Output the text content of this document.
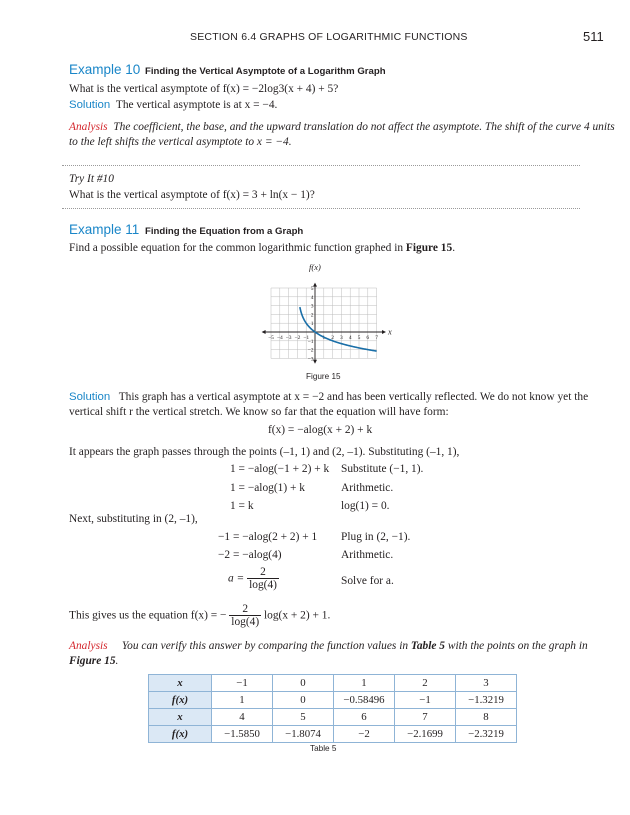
SECTION 6.4 GRAPHS OF LOGARITHMIC FUNCTIONS	511
Example 10 Finding the Vertical Asymptote of a Logarithm Graph
What is the vertical asymptote of f(x) = −2log3(x + 4) + 5?
Solution The vertical asymptote is at x = −4.
Analysis The coefficient, the base, and the upward translation do not affect the asymptote. The shift of the curve 4 units
to the left shifts the vertical asymptote to x = −4.
Try It #10
What is the vertical asymptote of f(x) = 3 + ln(x − 1)?
Example 11 Finding the Equation from a Graph
Find a possible equation for the common logarithmic function graphed in Figure 15.
−5 −4 −3 −2 −1 1 2 3 4 5 6 7
5
4
3
2
1
−1
−2
−3
f(x)
x
Figure 15
Solution This graph has a vertical asymptote at x = −2 and has been vertically reflected. We do not know yet the
vertical shift r the vertical stretch. We know so far that the equation will have form:
f(x) = −alog(x + 2) + k
It appears the graph passes through the points (–1, 1) and (2, –1). Substituting (–1, 1),
1 = −alog(−1 + 2) + k Substitute (−1, 1).
1 = −alog(1) + k	Arithmetic.
1 = k	log(1) = 0.
Next, substituting in (2, –1),
−1 = −alog(2 + 2) + 1 Plug in (2, −1).
−2 = −alog(4)	Arithmetic.
$a = \frac{2}{\log(4)}$	Solve for a.
This gives us the equation f(x) = − $\frac{2}{\log(4)} \log(x + 2) + 1$.
Analysis You can verify this answer by comparing the function values in Table 5 with the points on the graph in
Figure 15.
x	−1	0	1	2	3
f(x)	1	0	−0.58496	−1	−1.3219
x	4	5	6	7	8
f(x)	−1.5850	−1.8074	−2	−2.1699	−2.3219
Table 5
